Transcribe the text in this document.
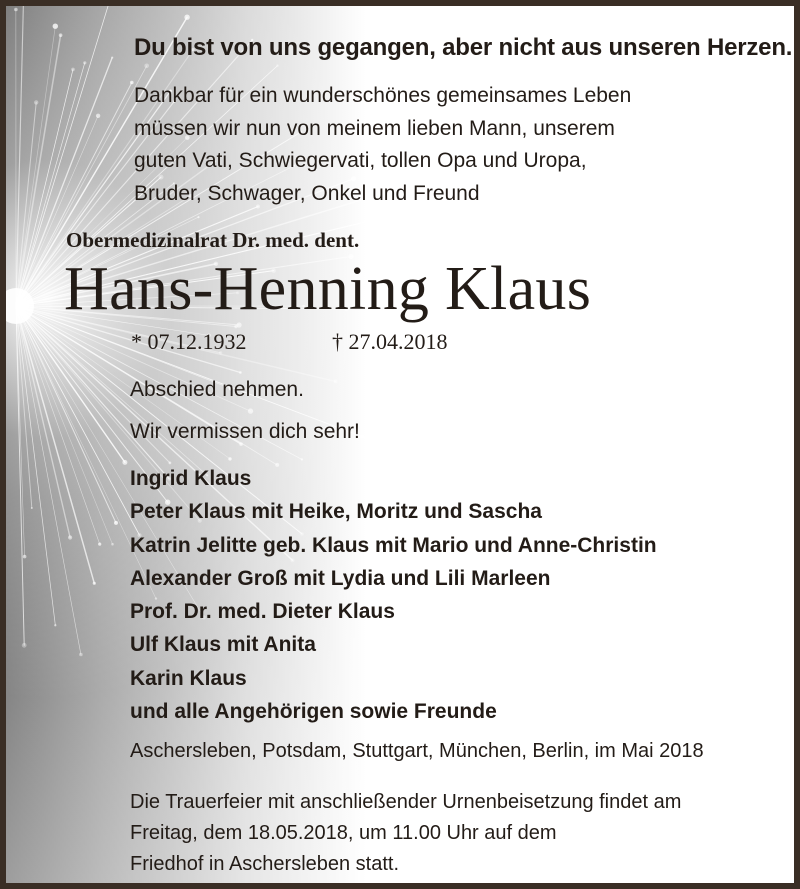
Du bist von uns gegangen, aber nicht aus unseren Herzen.

Dankbar für ein wunderschönes gemeinsames Leben
müssen wir nun von meinem lieben Mann, unserem
guten Vati, Schwiegervati, tollen Opa und Uropa,
Bruder, Schwager, Onkel und Freund

Obermedizinalrat Dr. med. dent.

Hans-Henning Klaus

* 07.12.1932	† 27.04.2018

Abschied nehmen.

Wir vermissen dich sehr!

Ingrid Klaus
Peter Klaus mit Heike, Moritz und Sascha
Katrin Jelitte geb. Klaus mit Mario und Anne-Christin
Alexander Groß mit Lydia und Lili Marleen
Prof. Dr. med. Dieter Klaus
Ulf Klaus mit Anita
Karin Klaus
und alle Angehörigen sowie Freunde

Aschersleben, Potsdam, Stuttgart, München, Berlin, im Mai 2018

Die Trauerfeier mit anschließender Urnenbeisetzung findet am
Freitag, dem 18.05.2018, um 11.00 Uhr auf dem
Friedhof in Aschersleben statt.
